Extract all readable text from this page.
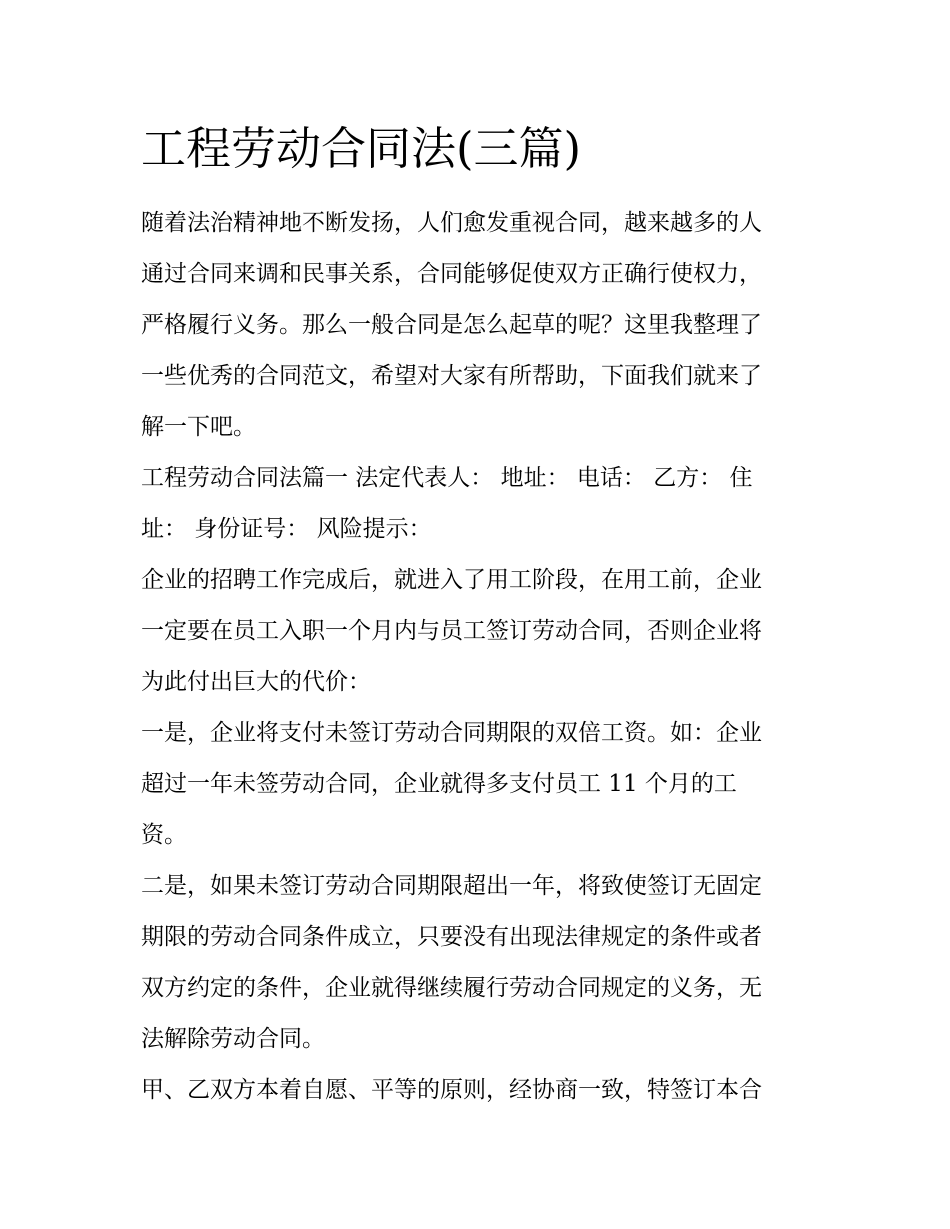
工程劳动合同法(三篇)
随着法治精神地不断发扬，人们愈发重视合同，越来越多的人
通过合同来调和民事关系，合同能够促使双方正确行使权力，
严格履行义务。那么一般合同是怎么起草的呢？这里我整理了
一些优秀的合同范文，希望对大家有所帮助，下面我们就来了
解一下吧。
工程劳动合同法篇一 法定代表人： 地址： 电话： 乙方： 住
址： 身份证号： 风险提示：
企业的招聘工作完成后，就进入了用工阶段，在用工前，企业
一定要在员工入职一个月内与员工签订劳动合同，否则企业将
为此付出巨大的代价：
一是，企业将支付未签订劳动合同期限的双倍工资。如：企业
超过一年未签劳动合同，企业就得多支付员工 11 个月的工
资。
二是，如果未签订劳动合同期限超出一年，将致使签订无固定
期限的劳动合同条件成立，只要没有出现法律规定的条件或者
双方约定的条件，企业就得继续履行劳动合同规定的义务，无
法解除劳动合同。
甲、乙双方本着自愿、平等的原则，经协商一致，特签订本合
